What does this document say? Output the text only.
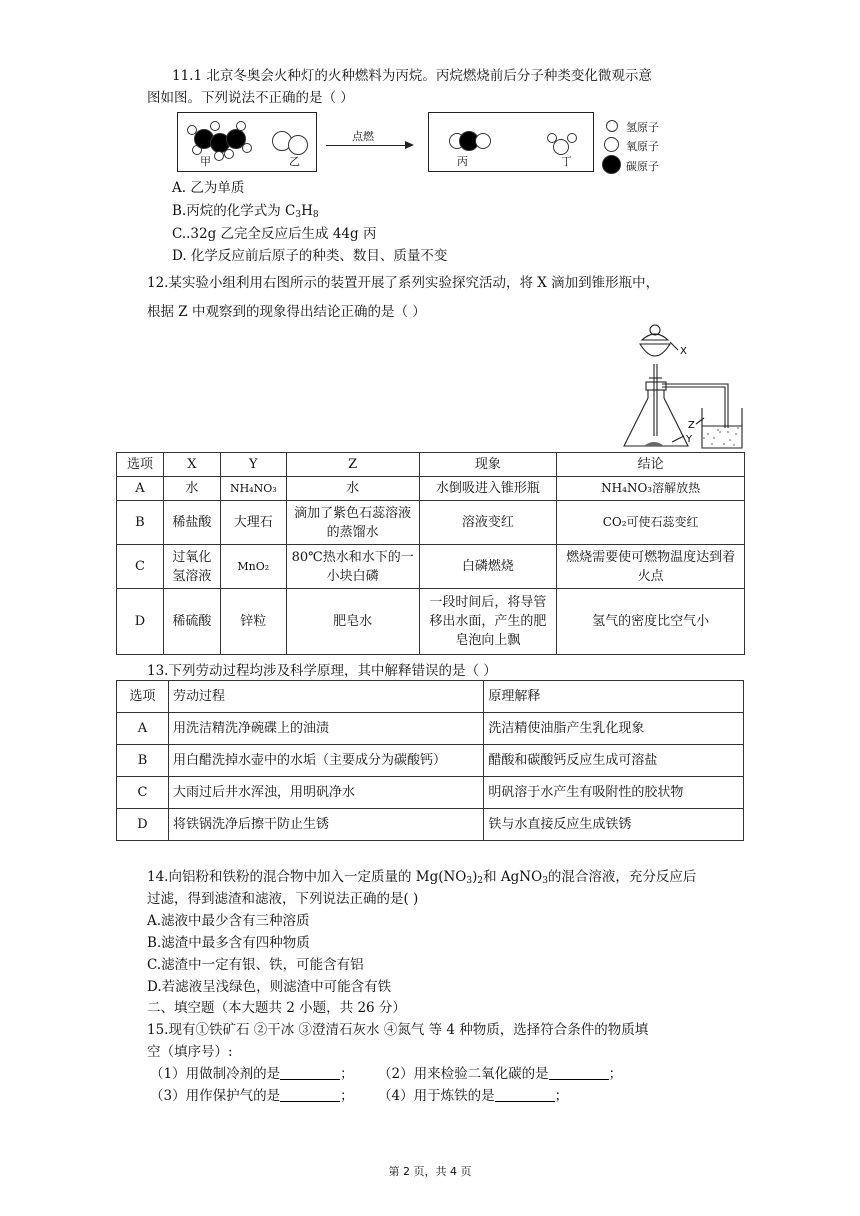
11.1 北京冬奥会火种灯的火种燃料为丙烷。丙烷燃烧前后分子种类变化微观示意
图如图。下列说法不正确的是（ ）
甲	乙
点燃
丙	丁
氢原子
氧原子
碳原子
A. 乙为单质
B.丙烷的化学式为 $C_3H_8$
C..32g 乙完全反应后生成 44g 丙
D. 化学反应前后原子的种类、数目、质量不变
12.某实验小组利用右图所示的装置开展了系列实验探究活动，将 X 滴加到锥形瓶中，
根据 Z 中观察到的现象得出结论正确的是（ ）
X
Z
Y
选项	X	Y	Z	现象	结论
A	水	NH₄NO₃	水	水倒吸进入锥形瓶	NH₄NO₃溶解放热
B	稀盐酸	大理石	滴加了紫色石蕊溶液的蒸馏水	溶液变红	CO₂可使石蕊变红
C	过氧化氢溶液	MnO₂	80℃热水和水下的一小块白磷	白磷燃烧	燃烧需要使可燃物温度达到着火点
D	稀硫酸	锌粒	肥皂水	一段时间后，将导管移出水面，产生的肥皂泡向上飘	氢气的密度比空气小
13.下列劳动过程均涉及科学原理，其中解释错误的是（ ）
选项	劳动过程	原理解释
A	用洗洁精洗净碗碟上的油渍	洗洁精使油脂产生乳化现象
B	用白醋洗掉水壶中的水垢（主要成分为碳酸钙）	醋酸和碳酸钙反应生成可溶盐
C	大雨过后井水浑浊，用明矾净水	明矾溶于水产生有吸附性的胶状物
D	将铁锅洗净后擦干防止生锈	铁与水直接反应生成铁锈
14.向铝粉和铁粉的混合物中加入一定质量的 $Mg(NO_3)_2$和 AgNO$_3$的混合溶液，充分反应后
过滤，得到滤渣和滤液，下列说法正确的是( )
A.滤液中最少含有三种溶质
B.滤渣中最多含有四种物质
C.滤渣中一定有银、铁，可能含有铝
D.若滤液呈浅绿色，则滤渣中可能含有铁
二、填空题（本大题共 2 小题，共 26 分）
15.现有①铁矿石 ②干冰 ③澄清石灰水 ④氮气 等 4 种物质，选择符合条件的物质填
空（填序号）:
（1）用做制冷剂的是	； （2）用来检验二氧化碳的是	；
（3）用作保护气的是	； （4）用于炼铁的是	；
第 2 页，共 4 页
